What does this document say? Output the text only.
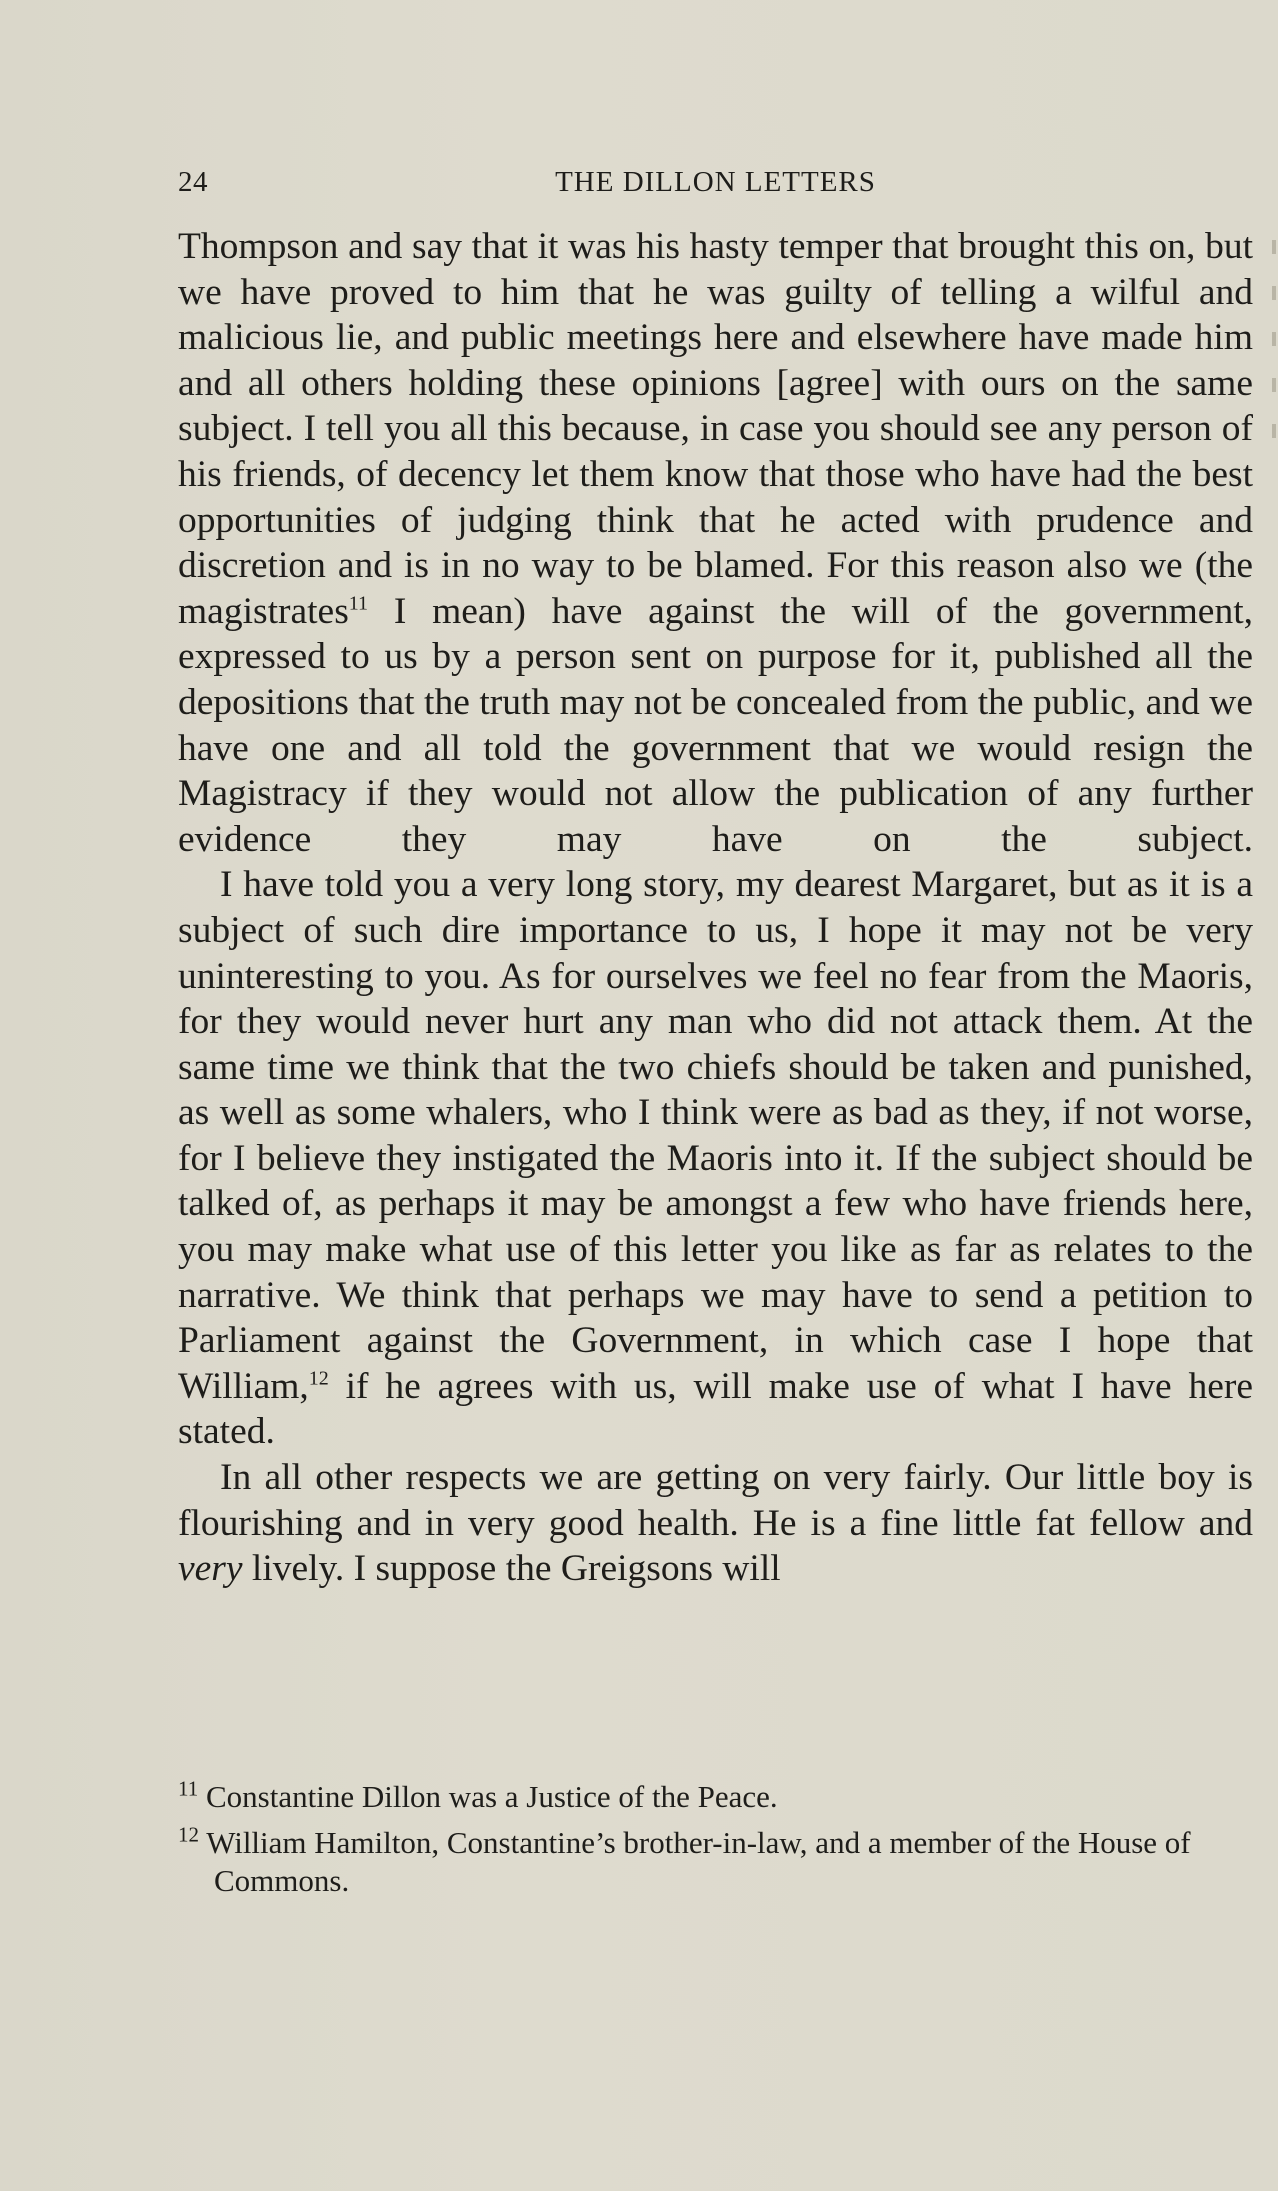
24	THE DILLON LETTERS

Thompson and say that it was his hasty temper that brought this on, but we have proved to him that he was guilty of telling a wilful and malicious lie, and public meetings here and elsewhere have made him and all others holding these opinions [agree] with ours on the same subject. I tell you all this because, in case you should see any person of his friends, of decency let them know that those who have had the best opportunities of judging think that he acted with prudence and discretion and is in no way to be blamed. For this reason also we (the magistrates$^{11}$ I mean) have against the will of the government, expressed to us by a person sent on purpose for it, published all the depositions that the truth may not be concealed from the public, and we have one and all told the government that we would resign the Magistracy if they would not allow the publication of any further evidence they may have on the subject.

I have told you a very long story, my dearest Margaret, but as it is a subject of such dire importance to us, I hope it may not be very uninteresting to you. As for ourselves we feel no fear from the Maoris, for they would never hurt any man who did not attack them. At the same time we think that the two chiefs should be taken and punished, as well as some whalers, who I think were as bad as they, if not worse, for I believe they instigated the Maoris into it. If the subject should be talked of, as perhaps it may be amongst a few who have friends here, you may make what use of this letter you like as far as relates to the narrative. We think that perhaps we may have to send a petition to Parliament against the Government, in which case I hope that William,$^{12}$ if he agrees with us, will make use of what I have here stated.

In all other respects we are getting on very fairly. Our little boy is flourishing and in very good health. He is a fine little fat fellow and very lively. I suppose the Greigsons will

$^{11}$ Constantine Dillon was a Justice of the Peace.

$^{12}$ William Hamilton, Constantine’s brother-in-law, and a member of the House of Commons.
